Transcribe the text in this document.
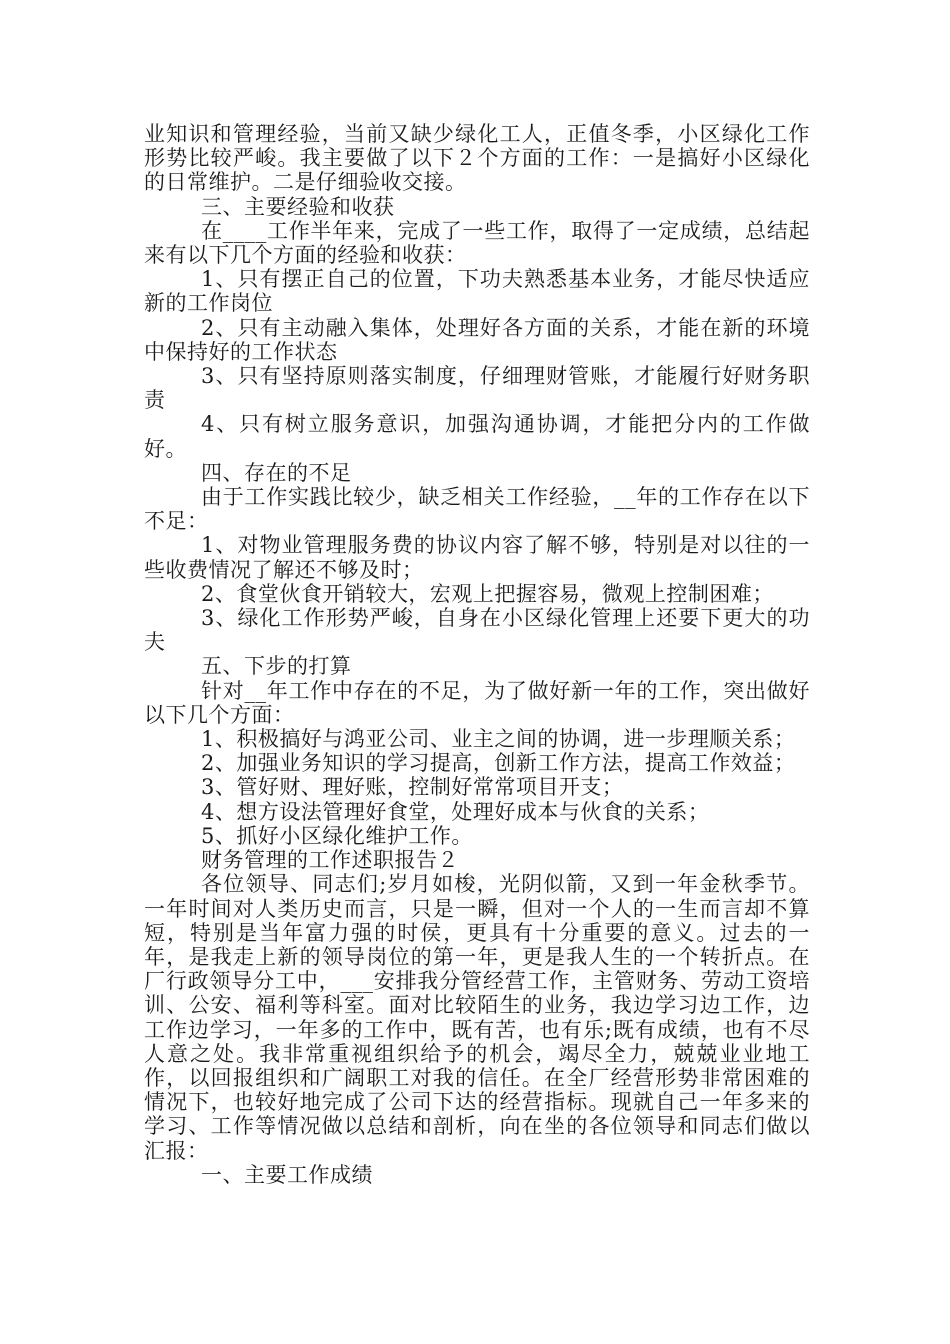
业知识和管理经验，当前又缺少绿化工人，正值冬季，小区绿化工作形势比较严峻。我主要做了以下２个方面的工作：一是搞好小区绿化的日常维护。二是仔细验收交接。

三、主要经验和收获

在____工作半年来，完成了一些工作，取得了一定成绩，总结起来有以下几个方面的经验和收获：

1、只有摆正自己的位置，下功夫熟悉基本业务，才能尽快适应新的工作岗位

2、只有主动融入集体，处理好各方面的关系，才能在新的环境中保持好的工作状态

3、只有坚持原则落实制度，仔细理财管账，才能履行好财务职责

4、只有树立服务意识，加强沟通协调，才能把分内的工作做好。

四、存在的不足

由于工作实践比较少，缺乏相关工作经验，__年的工作存在以下不足：

1、对物业管理服务费的协议内容了解不够，特别是对以往的一些收费情况了解还不够及时；

2、食堂伙食开销较大，宏观上把握容易，微观上控制困难；

3、绿化工作形势严峻，自身在小区绿化管理上还要下更大的功夫

五、下步的打算

针对__年工作中存在的不足，为了做好新一年的工作，突出做好以下几个方面：

1、积极搞好与鸿亚公司、业主之间的协调，进一步理顺关系；

2、加强业务知识的学习提高，创新工作方法，提高工作效益；

3、管好财、理好账，控制好常常项目开支；

4、想方设法管理好食堂，处理好成本与伙食的关系；

5、抓好小区绿化维护工作。

财务管理的工作述职报告２

各位领导、同志们;岁月如梭，光阴似箭，又到一年金秋季节。一年时间对人类历史而言，只是一瞬，但对一个人的一生而言却不算短，特别是当年富力强的时侯，更具有十分重要的意义。过去的一年，是我走上新的领导岗位的第一年，更是我人生的一个转折点。在厂行政领导分工中，___安排我分管经营工作，主管财务、劳动工资培训、公安、福利等科室。面对比较陌生的业务，我边学习边工作，边工作边学习，一年多的工作中，既有苦，也有乐;既有成绩，也有不尽人意之处。我非常重视组织给予的机会，竭尽全力，兢兢业业地工作，以回报组织和广阔职工对我的信任。在全厂经营形势非常困难的情况下，也较好地完成了公司下达的经营指标。现就自己一年多来的学习、工作等情况做以总结和剖析，向在坐的各位领导和同志们做以汇报：

一、主要工作成绩
